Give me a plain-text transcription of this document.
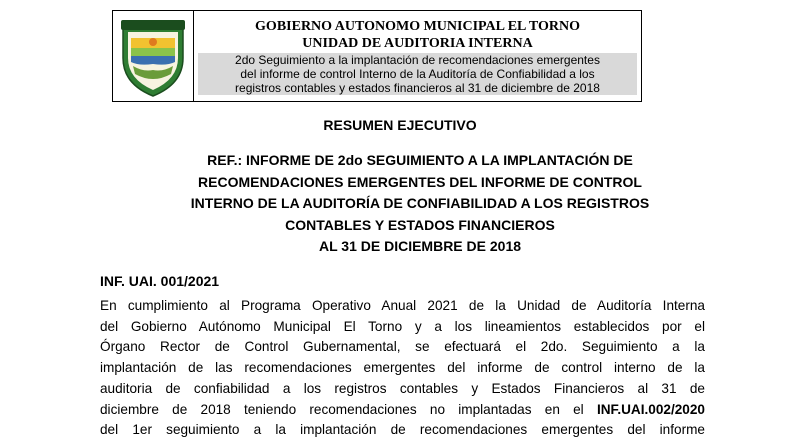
GOBIERNO AUTONOMO MUNICIPAL EL TORNO
UNIDAD DE AUDITORIA INTERNA
2do Seguimiento a la implantación de recomendaciones emergentes
del informe de control Interno de la Auditoría de Confiabilidad a los
registros contables y estados financieros al 31 de diciembre de 2018
RESUMEN EJECUTIVO
REF.: INFORME DE 2do SEGUIMIENTO A LA IMPLANTACIÓN DE
RECOMENDACIONES EMERGENTES DEL INFORME DE CONTROL
INTERNO DE LA AUDITORÍA DE CONFIABILIDAD A LOS REGISTROS
CONTABLES Y ESTADOS FINANCIEROS
AL 31 DE DICIEMBRE DE 2018
INF. UAI. 001/2021
En cumplimiento al Programa Operativo Anual 2021 de la Unidad de Auditoría Interna
del Gobierno Autónomo Municipal El Torno y a los lineamientos establecidos por el
Órgano Rector de Control Gubernamental, se efectuará el 2do. Seguimiento a la
implantación de las recomendaciones emergentes del informe de control interno de la
auditoria de confiabilidad a los registros contables y Estados Financieros al 31 de
diciembre de 2018 teniendo recomendaciones no implantadas en el INF.UAI.002/2020
del 1er seguimiento a la implantación de recomendaciones emergentes del informe
